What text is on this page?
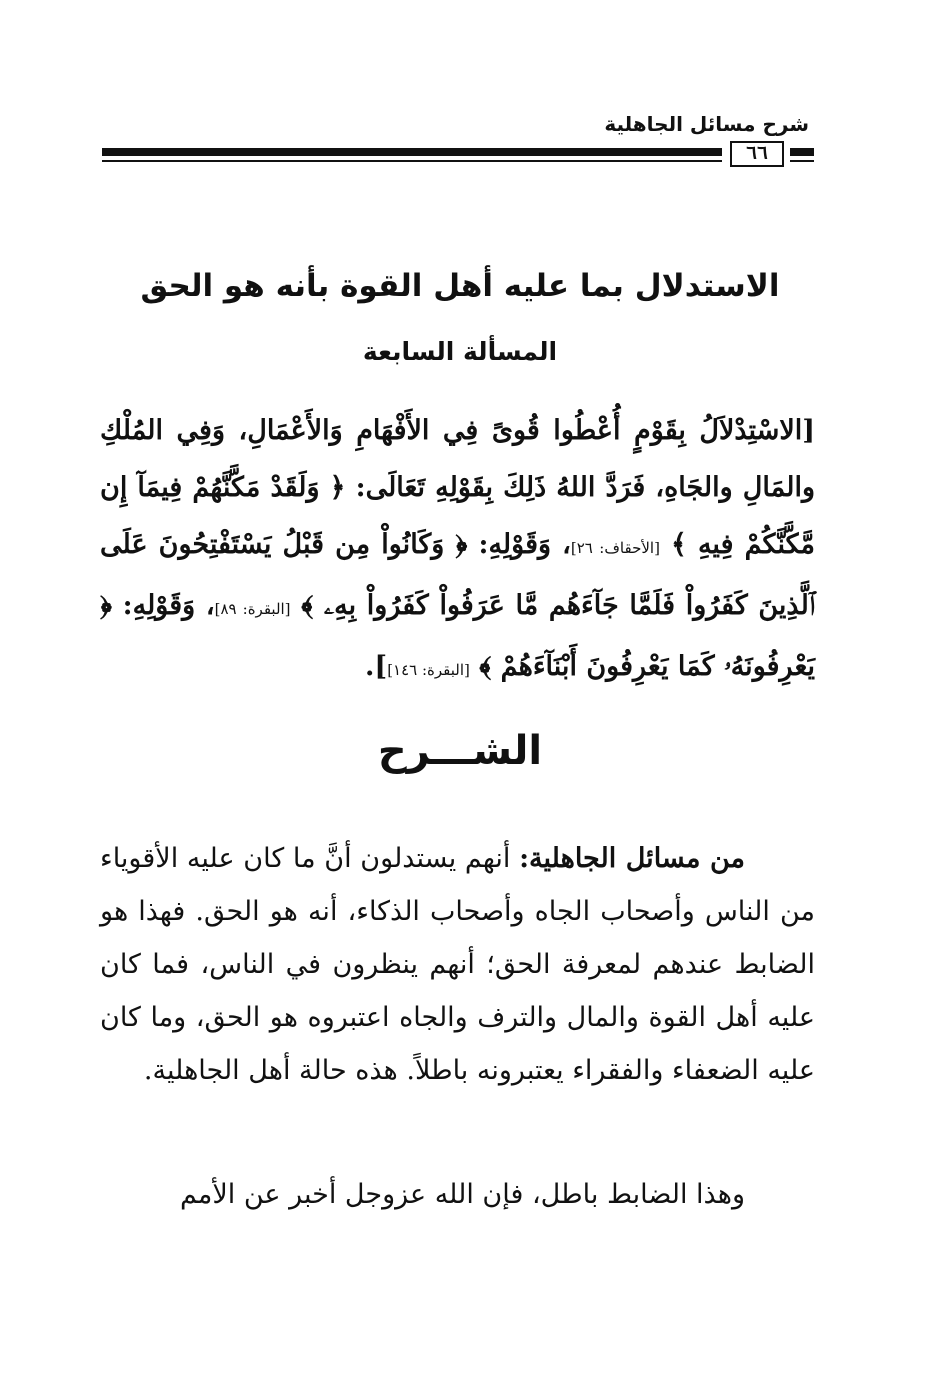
شرح مسائل الجاهلية
٦٦
الاستدلال بما عليه أهل القوة بأنه هو الحق
المسألة السابعة
[الاسْتِدْلاَلُ بِقَوْمٍ أُعْطُوا قُوىً فِي الأَفْهَامِ وَالأَعْمَالِ، وَفِي المُلْكِ والمَالِ والجَاهِ، فَرَدَّ اللهُ ذَلِكَ بِقَوْلِهِ تَعَالَى: ﴿ وَلَقَدْ مَكَّنَّهُمْ فِيمَآ إِن مَّكَّنَّكُمْ فِيهِ ﴾ [الأحقاف: ٢٦]، وَقَوْلِهِ: ﴿ وَكَانُواْ مِن قَبْلُ يَسْتَفْتِحُونَ عَلَى ٱلَّذِينَ كَفَرُواْ فَلَمَّا جَآءَهُم مَّا عَرَفُواْ كَفَرُواْ بِهِۦ ﴾ [البقرة: ٨٩]، وَقَوْلِهِ: ﴿ يَعْرِفُونَهُۥ كَمَا يَعْرِفُونَ أَبْنَآءَهُمْ ﴾ [البقرة: ١٤٦]].
الشـــرح
من مسائل الجاهلية: أنهم يستدلون أنَّ ما كان عليه الأقوياء من الناس وأصحاب الجاه وأصحاب الذكاء، أنه هو الحق. فهذا هو الضابط عندهم لمعرفة الحق؛ أنهم ينظرون في الناس، فما كان عليه أهل القوة والمال والترف والجاه اعتبروه هو الحق، وما كان عليه الضعفاء والفقراء يعتبرونه باطلاً. هذه حالة أهل الجاهلية.
وهذا الضابط باطل، فإن الله عزوجل أخبر عن الأمم
